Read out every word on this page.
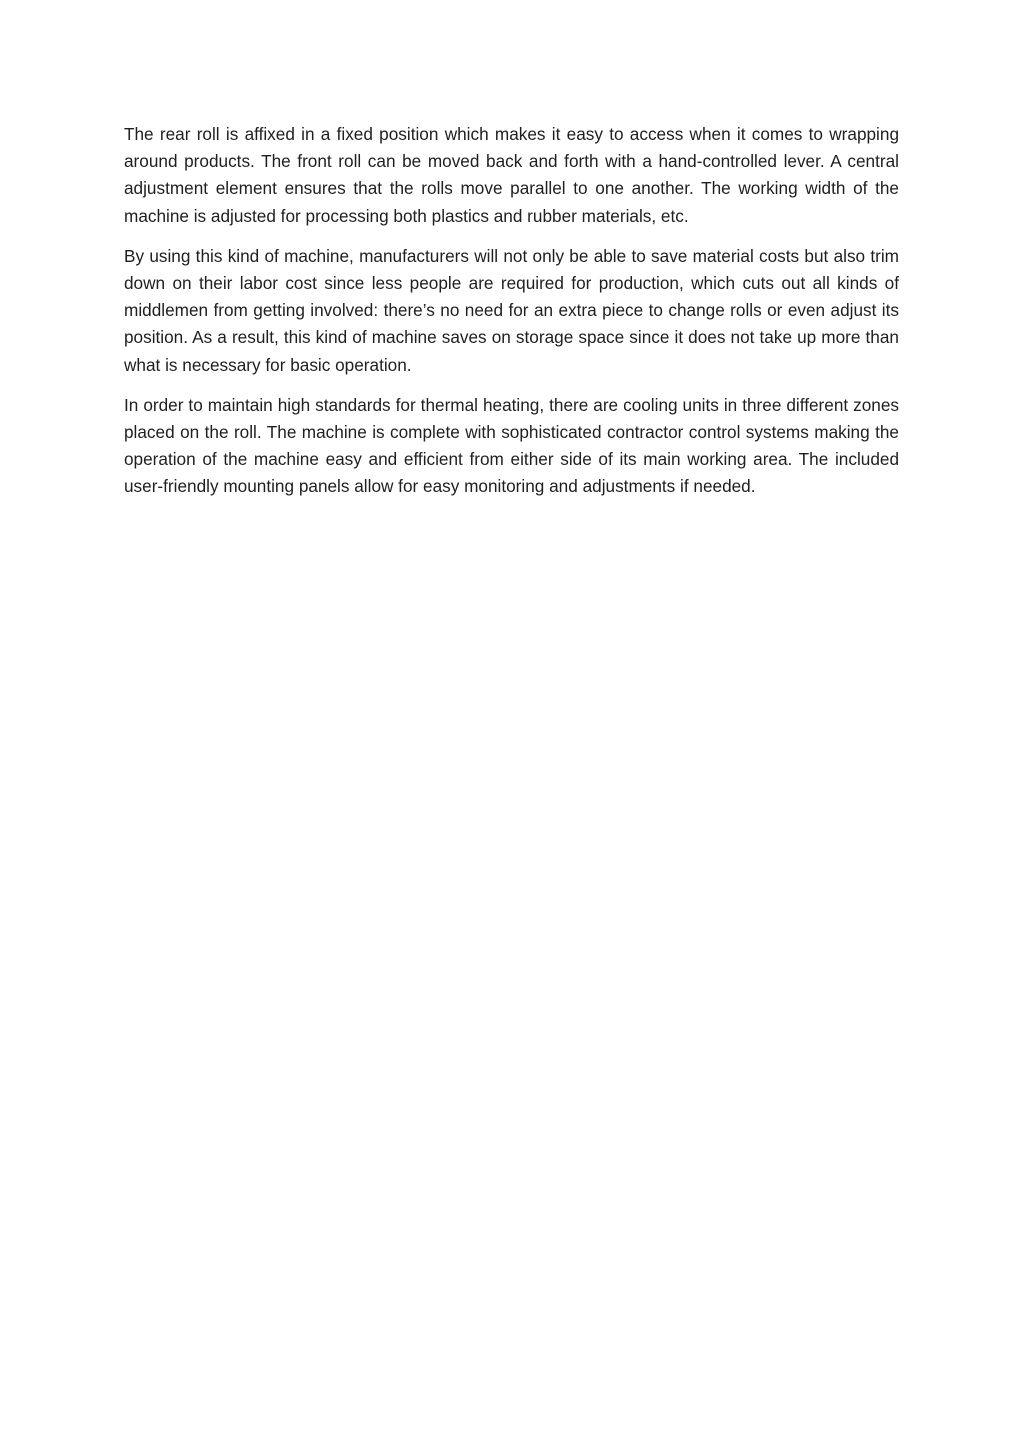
The rear roll is affixed in a fixed position which makes it easy to access when it comes to wrapping around products. The front roll can be moved back and forth with a hand-controlled lever. A central adjustment element ensures that the rolls move parallel to one another. The working width of the machine is adjusted for processing both plastics and rubber materials, etc.

By using this kind of machine, manufacturers will not only be able to save material costs but also trim down on their labor cost since less people are required for production, which cuts out all kinds of middlemen from getting involved: there’s no need for an extra piece to change rolls or even adjust its position. As a result, this kind of machine saves on storage space since it does not take up more than what is necessary for basic operation.

In order to maintain high standards for thermal heating, there are cooling units in three different zones placed on the roll. The machine is complete with sophisticated contractor control systems making the operation of the machine easy and efficient from either side of its main working area. The included user-friendly mounting panels allow for easy monitoring and adjustments if needed.
